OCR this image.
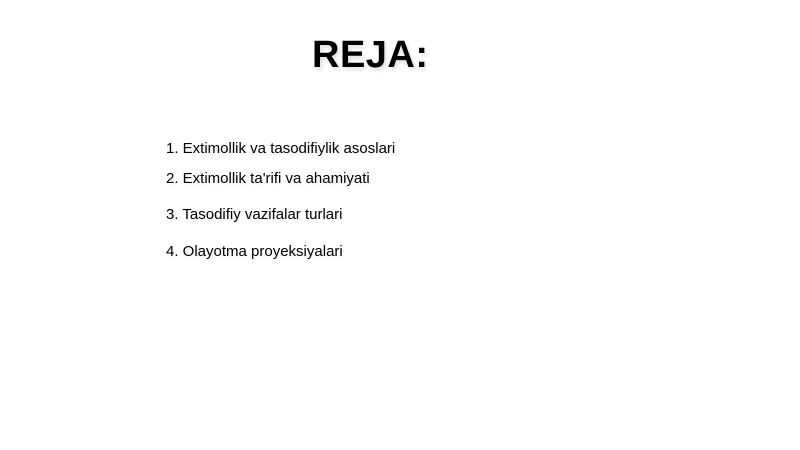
REJA:
1. Extimollik va tasodifiylik asoslari
2. Extimollik ta'rifi va ahamiyati
3. Tasodifiy vazifalar turlari
4. Olayotma proyeksiyalari
